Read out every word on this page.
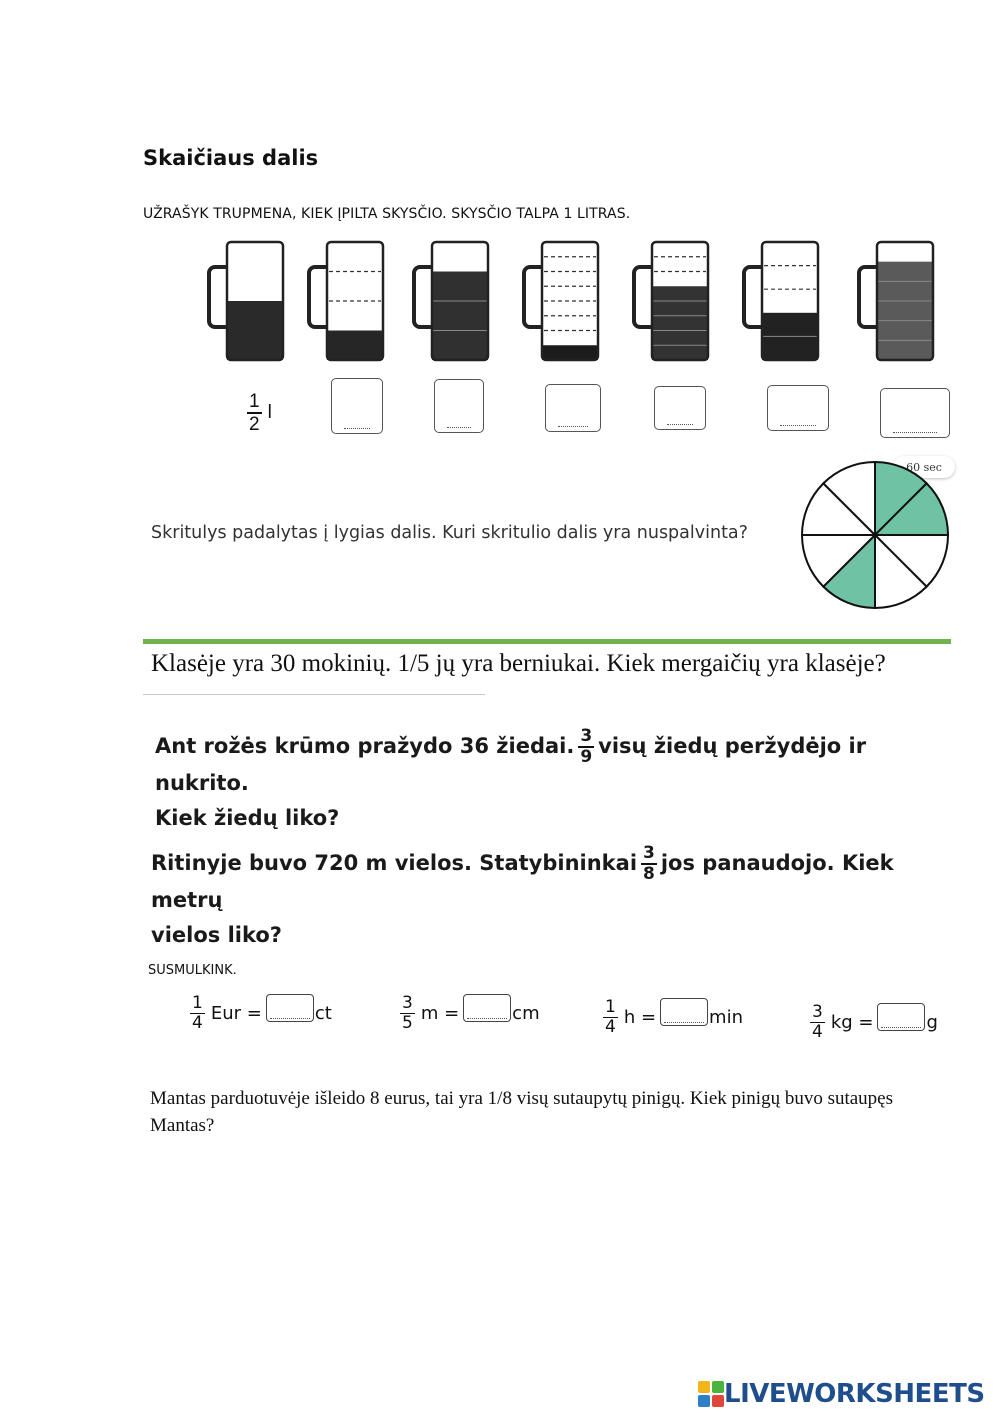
Skaičiaus dalis
UŽRAŠYK TRUPMENA, KIEK ĮPILTA SKYSČIO. SKYSČIO TALPA 1 LITRAS.
$\frac{1}{2}$ l
60 sec
Skritulys padalytas į lygias dalis. Kuri skritulio dalis yra nuspalvinta?
Klasėje yra 30 mokinių. 1/5 jų yra berniukai. Kiek mergaičių yra klasėje?
Ant rožės krūmo pražydo 36 žiedai. $\frac{3}{9}$ visų žiedų peržydėjo ir nukrito.
Kiek žiedų liko?
Ritinyje buvo 720 m vielos. Statybininkai $\frac{3}{8}$ jos panaudojo. Kiek metrų
vielos liko?
SUSMULKINK.
$\frac{1}{4}$ Eur =	ct	$\frac{3}{5}$ m =	cm	$\frac{1}{4}$ h =	min	$\frac{3}{4}$ kg =	g
Mantas parduotuvėje išleido 8 eurus, tai yra 1/8 visų sutaupytų pinigų. Kiek pinigų buvo sutaupęs Mantas?
LIVEWORKSHEETS
